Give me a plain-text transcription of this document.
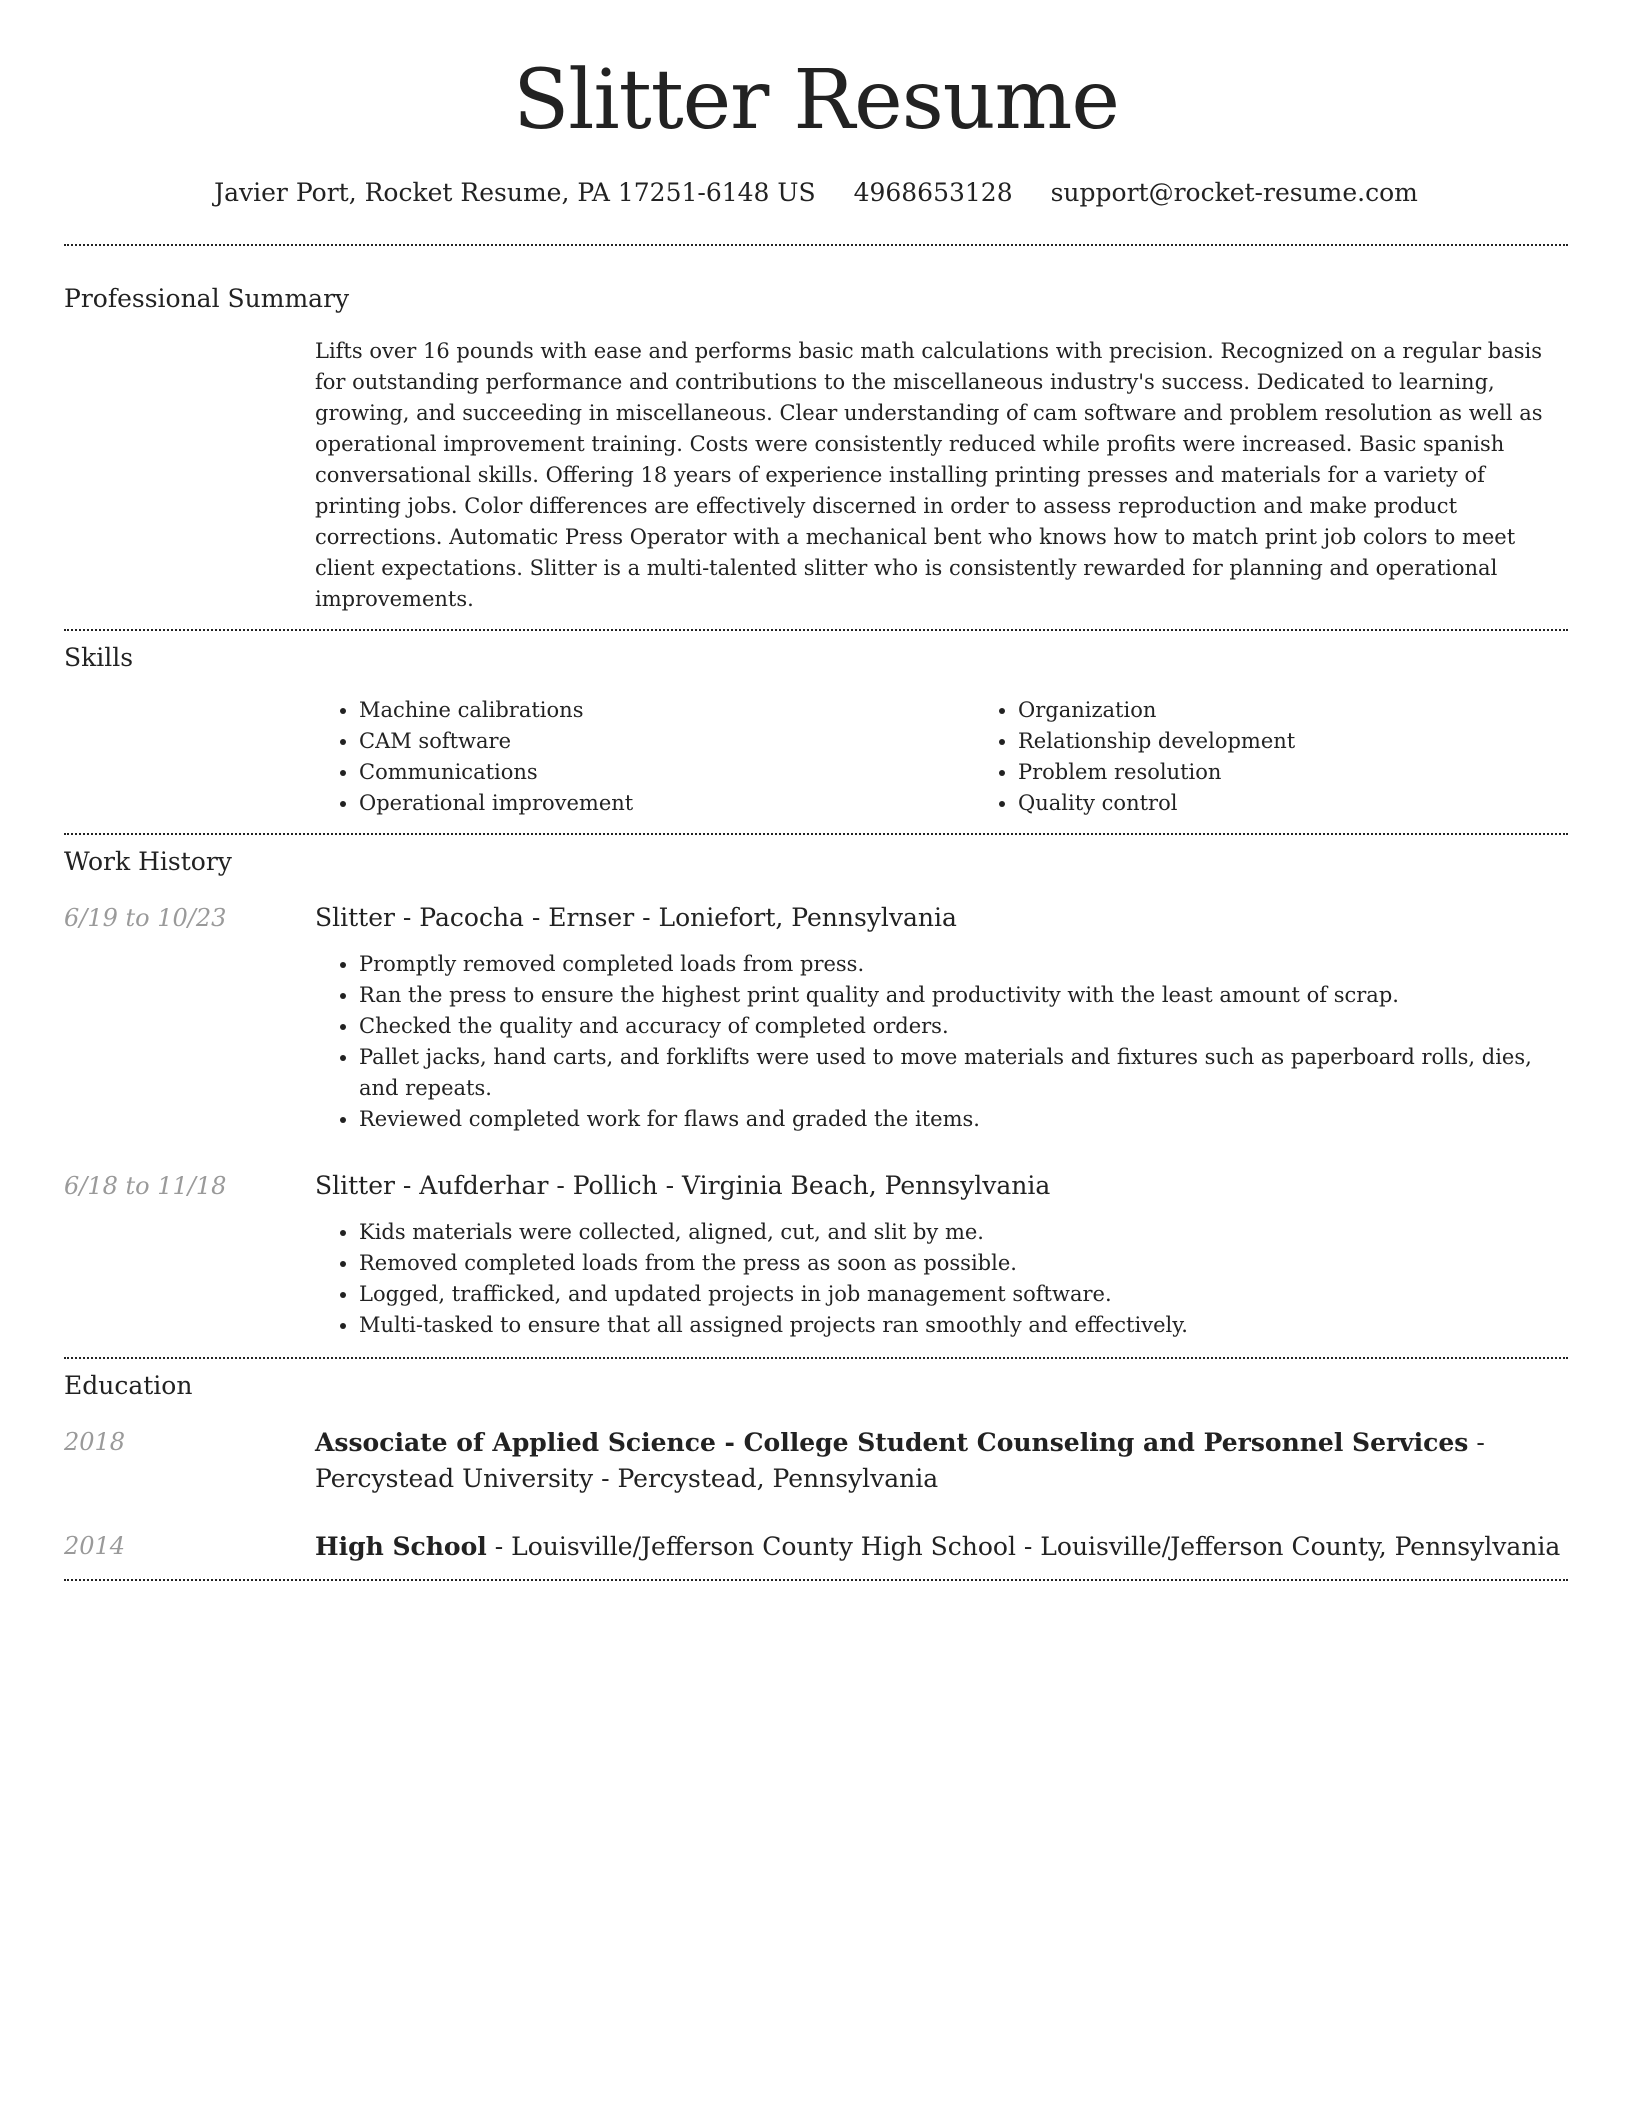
Slitter Resume
Javier Port, Rocket Resume, PA 17251-6148 US 4968653128 support@rocket-resume.com
Professional Summary

Lifts over 16 pounds with ease and performs basic math calculations with precision. Recognized on a regular basis for outstanding performance and contributions to the miscellaneous industry's success. Dedicated to learning, growing, and succeeding in miscellaneous. Clear understanding of cam software and problem resolution as well as operational improvement training. Costs were consistently reduced while profits were increased. Basic spanish conversational skills. Offering 18 years of experience installing printing presses and materials for a variety of printing jobs. Color differences are effectively discerned in order to assess reproduction and make product corrections. Automatic Press Operator with a mechanical bent who knows how to match print job colors to meet client expectations. Slitter is a multi-talented slitter who is consistently rewarded for planning and operational improvements.

Skills
• Machine calibrations
• CAM software
• Communications
• Operational improvement
• Organization
• Relationship development
• Problem resolution
• Quality control
Work History
6/19 to 10/23	Slitter - Pacocha - Ernser - Loniefort, Pennsylvania
• Promptly removed completed loads from press.
• Ran the press to ensure the highest print quality and productivity with the least amount of scrap.
• Checked the quality and accuracy of completed orders.
• Pallet jacks, hand carts, and forklifts were used to move materials and fixtures such as paperboard rolls, dies, and repeats.
• Reviewed completed work for flaws and graded the items.
6/18 to 11/18	Slitter - Aufderhar - Pollich - Virginia Beach, Pennsylvania
• Kids materials were collected, aligned, cut, and slit by me.
• Removed completed loads from the press as soon as possible.
• Logged, trafficked, and updated projects in job management software.
• Multi-tasked to ensure that all assigned projects ran smoothly and effectively.
Education
2018	Associate of Applied Science - College Student Counseling and Personnel Services - Percystead University - Percystead, Pennsylvania
2014	High School - Louisville/Jefferson County High School - Louisville/Jefferson County, Pennsylvania
